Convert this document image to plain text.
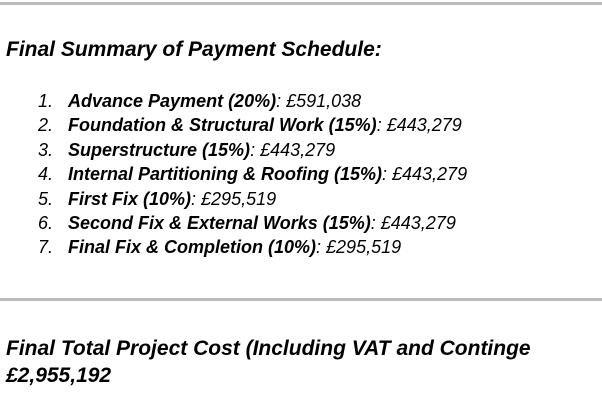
Final Summary of Payment Schedule:
1. Advance Payment (20%): £591,038
2. Foundation & Structural Work (15%): £443,279
3. Superstructure (15%): £443,279
4. Internal Partitioning & Roofing (15%): £443,279
5. First Fix (10%): £295,519
6. Second Fix & External Works (15%): £443,279
7. Final Fix & Completion (10%): £295,519
Final Total Project Cost (Including VAT and Continge
£2,955,192
